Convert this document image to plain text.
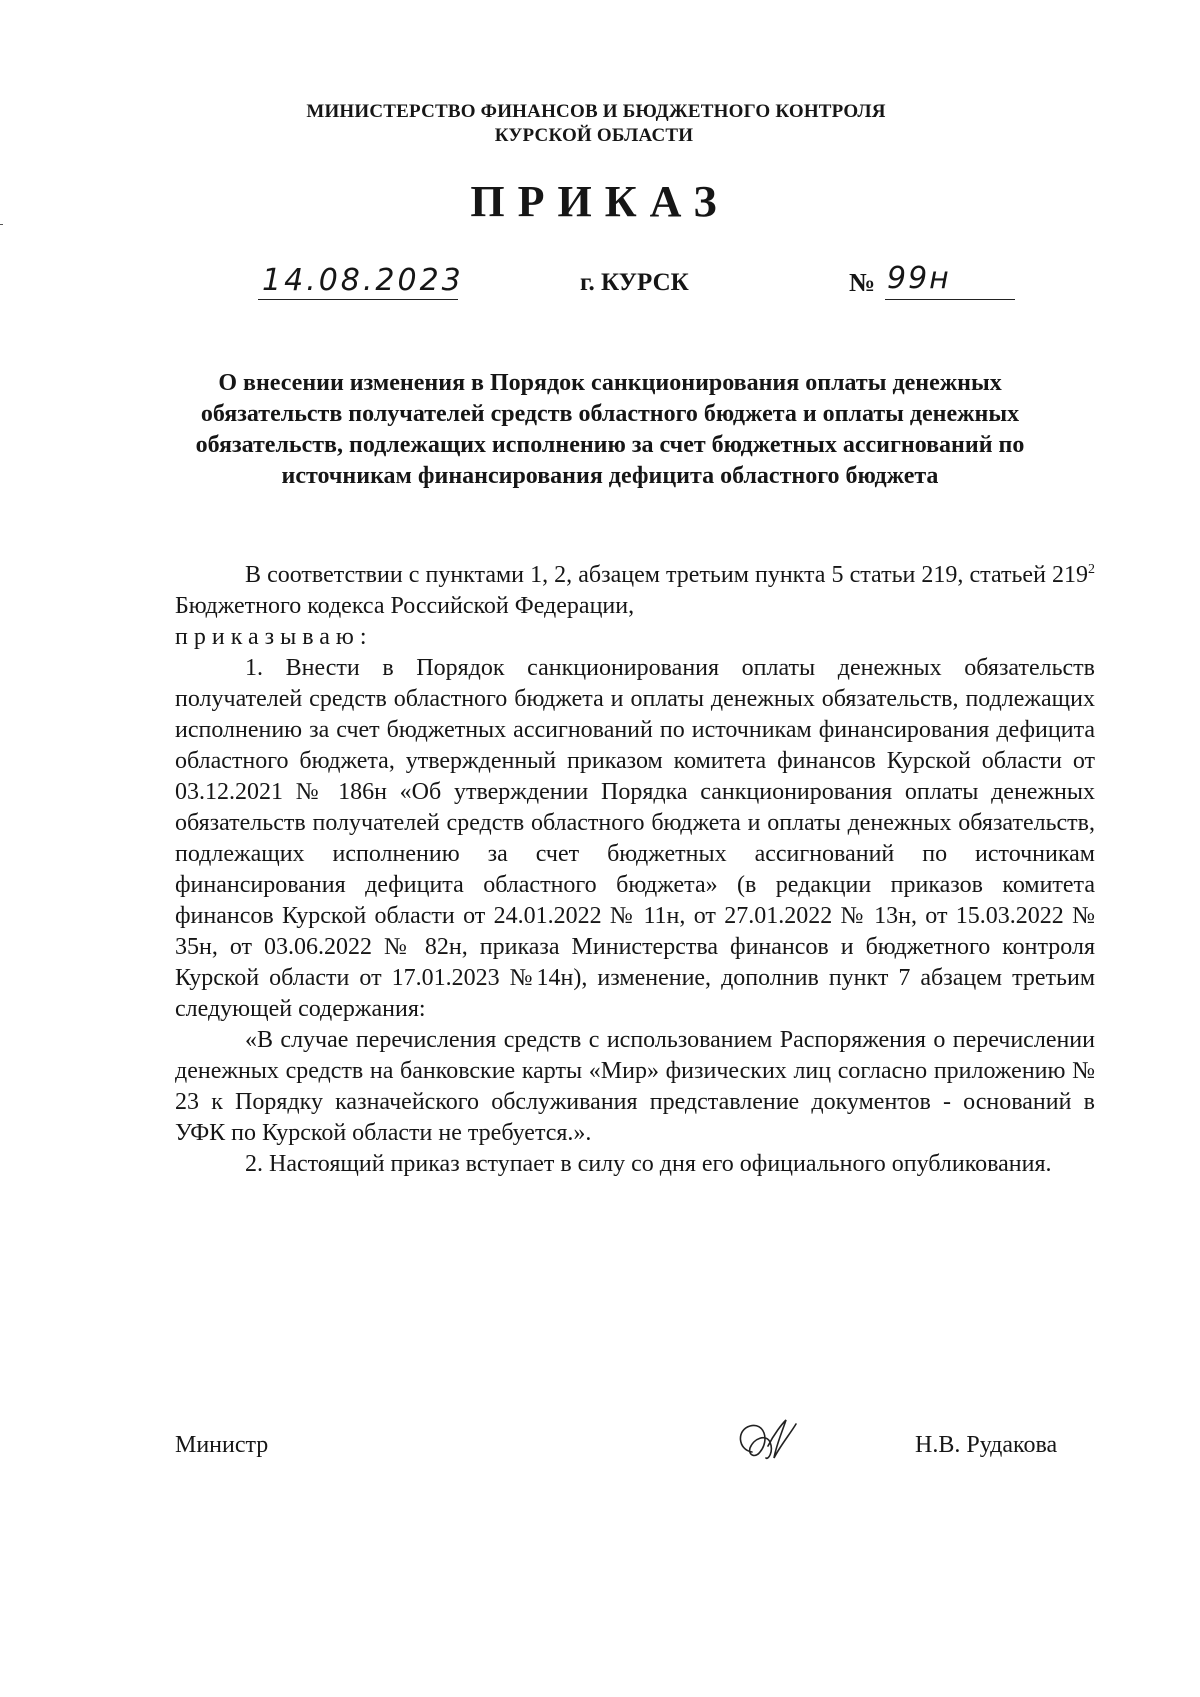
МИНИСТЕРСТВО ФИНАНСОВ И БЮДЖЕТНОГО КОНТРОЛЯ
КУРСКОЙ ОБЛАСТИ
ПРИКАЗ
14.08.2023	г. КУРСК	№ 99н
О внесении изменения в Порядок санкционирования оплаты денежных обязательств получателей средств областного бюджета и оплаты денежных обязательств, подлежащих исполнению за счет бюджетных ассигнований по источникам финансирования дефицита областного бюджета

В соответствии с пунктами 1, 2, абзацем третьим пункта 5 статьи 219, статьей $219^2$ Бюджетного кодекса Российской Федерации,

приказываю:

1. Внести в Порядок санкционирования оплаты денежных обязательств получателей средств областного бюджета и оплаты денежных обязательств, подлежащих исполнению за счет бюджетных ассигнований по источникам финансирования дефицита областного бюджета, утвержденный приказом комитета финансов Курской области от 03.12.2021 № 186н «Об утверждении Порядка санкционирования оплаты денежных обязательств получателей средств областного бюджета и оплаты денежных обязательств, подлежащих исполнению за счет бюджетных ассигнований по источникам финансирования дефицита областного бюджета» (в редакции приказов комитета финансов Курской области от 24.01.2022 № 11н, от 27.01.2022 № 13н, от 15.03.2022 № 35н, от 03.06.2022 № 82н, приказа Министерства финансов и бюджетного контроля Курской области от 17.01.2023 №14н), изменение, дополнив пункт 7 абзацем третьим следующей содержания:

«В случае перечисления средств с использованием Распоряжения о перечислении денежных средств на банковские карты «Мир» физических лиц согласно приложению № 23 к Порядку казначейского обслуживания представление документов - оснований в УФК по Курской области не требуется.».

2. Настоящий приказ вступает в силу со дня его официального опубликования.

Министр	Н.В. Рудакова
